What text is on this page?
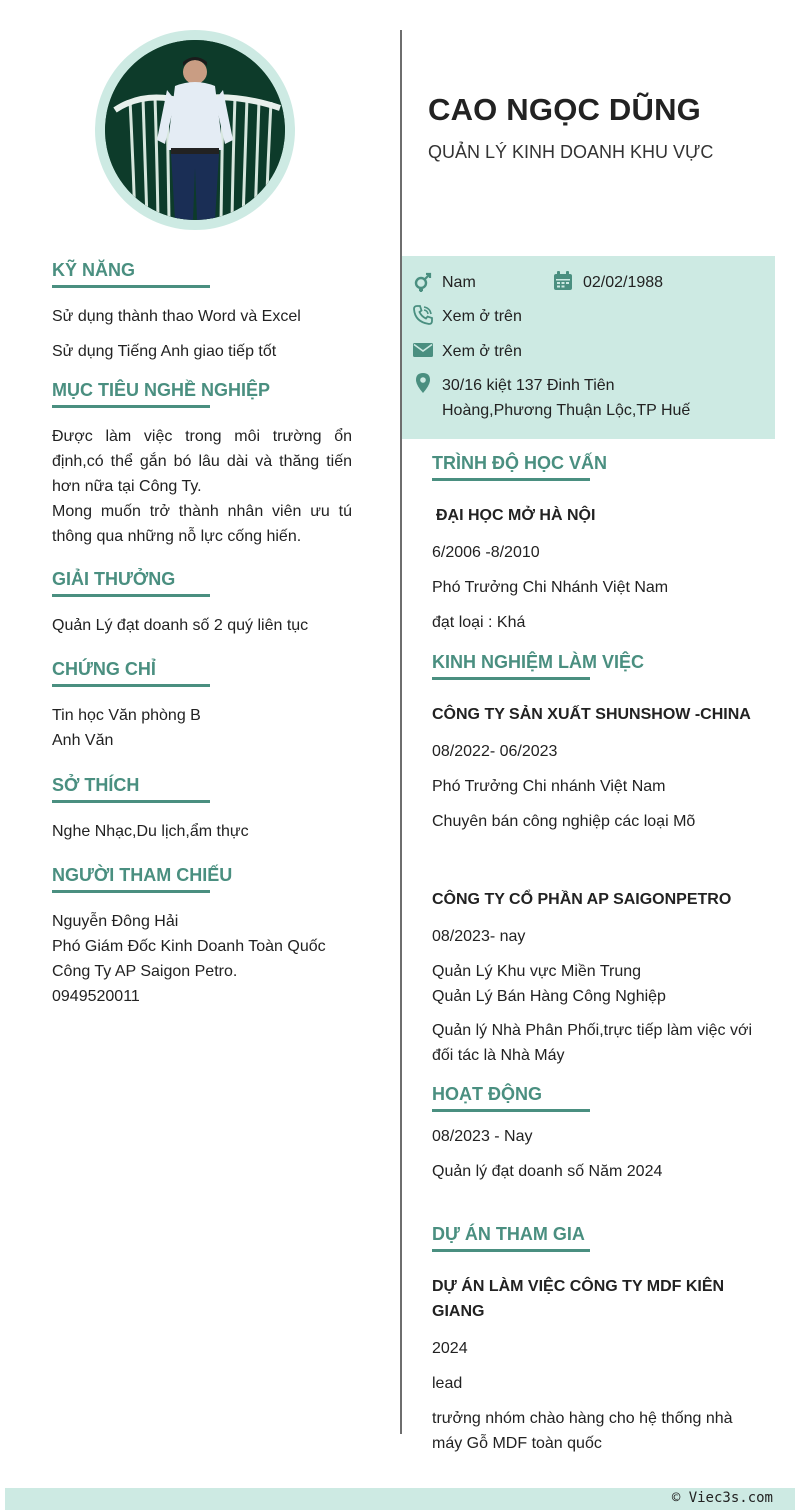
CAO NGỌC DŨNG
QUẢN LÝ KINH DOANH KHU VỰC
Nam	02/02/1988
Xem ở trên
Xem ở trên
30/16 kiệt 137 Đinh Tiên
Hoàng,Phương Thuận Lộc,TP Huế
KỸ NĂNG
Sử dụng thành thao Word và Excel
Sử dụng Tiếng Anh giao tiếp tốt
MỤC TIÊU NGHỀ NGHIỆP
Được làm việc trong môi trường ổn định,có thể gắn bó lâu dài và thăng tiến hơn nữa tại Công Ty.
Mong muốn trở thành nhân viên ưu tú thông qua những nỗ lực cống hiến.
GIẢI THƯỞNG
Quản Lý đạt doanh số 2 quý liên tục
CHỨNG CHỈ
Tin học Văn phòng B
Anh Văn
SỞ THÍCH
Nghe Nhạc,Du lịch,ẩm thực
NGƯỜI THAM CHIẾU
Nguyễn Đông Hải
Phó Giám Đốc Kinh Doanh Toàn Quốc
Công Ty AP Saigon Petro.
0949520011
TRÌNH ĐỘ HỌC VẤN
ĐẠI HỌC MỞ HÀ NỘI
6/2006 -8/2010
Phó Trưởng Chi Nhánh Việt Nam
đạt loại : Khá
KINH NGHIỆM LÀM VIỆC
CÔNG TY SẢN XUẤT SHUNSHOW -CHINA
08/2022- 06/2023
Phó Trưởng Chi nhánh Việt Nam
Chuyên bán công nghiệp các loại Mõ
CÔNG TY CỔ PHẦN AP SAIGONPETRO
08/2023- nay
Quản Lý Khu vực Miền Trung
Quản Lý Bán Hàng Công Nghiệp
Quản lý Nhà Phân Phối,trực tiếp làm việc với đối tác là Nhà Máy
HOẠT ĐỘNG
08/2023 - Nay
Quản lý đạt doanh số Năm 2024
DỰ ÁN THAM GIA
DỰ ÁN LÀM VIỆC CÔNG TY MDF KIÊN GIANG
2024
lead
trưởng nhóm chào hàng cho hệ thống nhà máy Gỗ MDF toàn quốc
© Viec3s.com
